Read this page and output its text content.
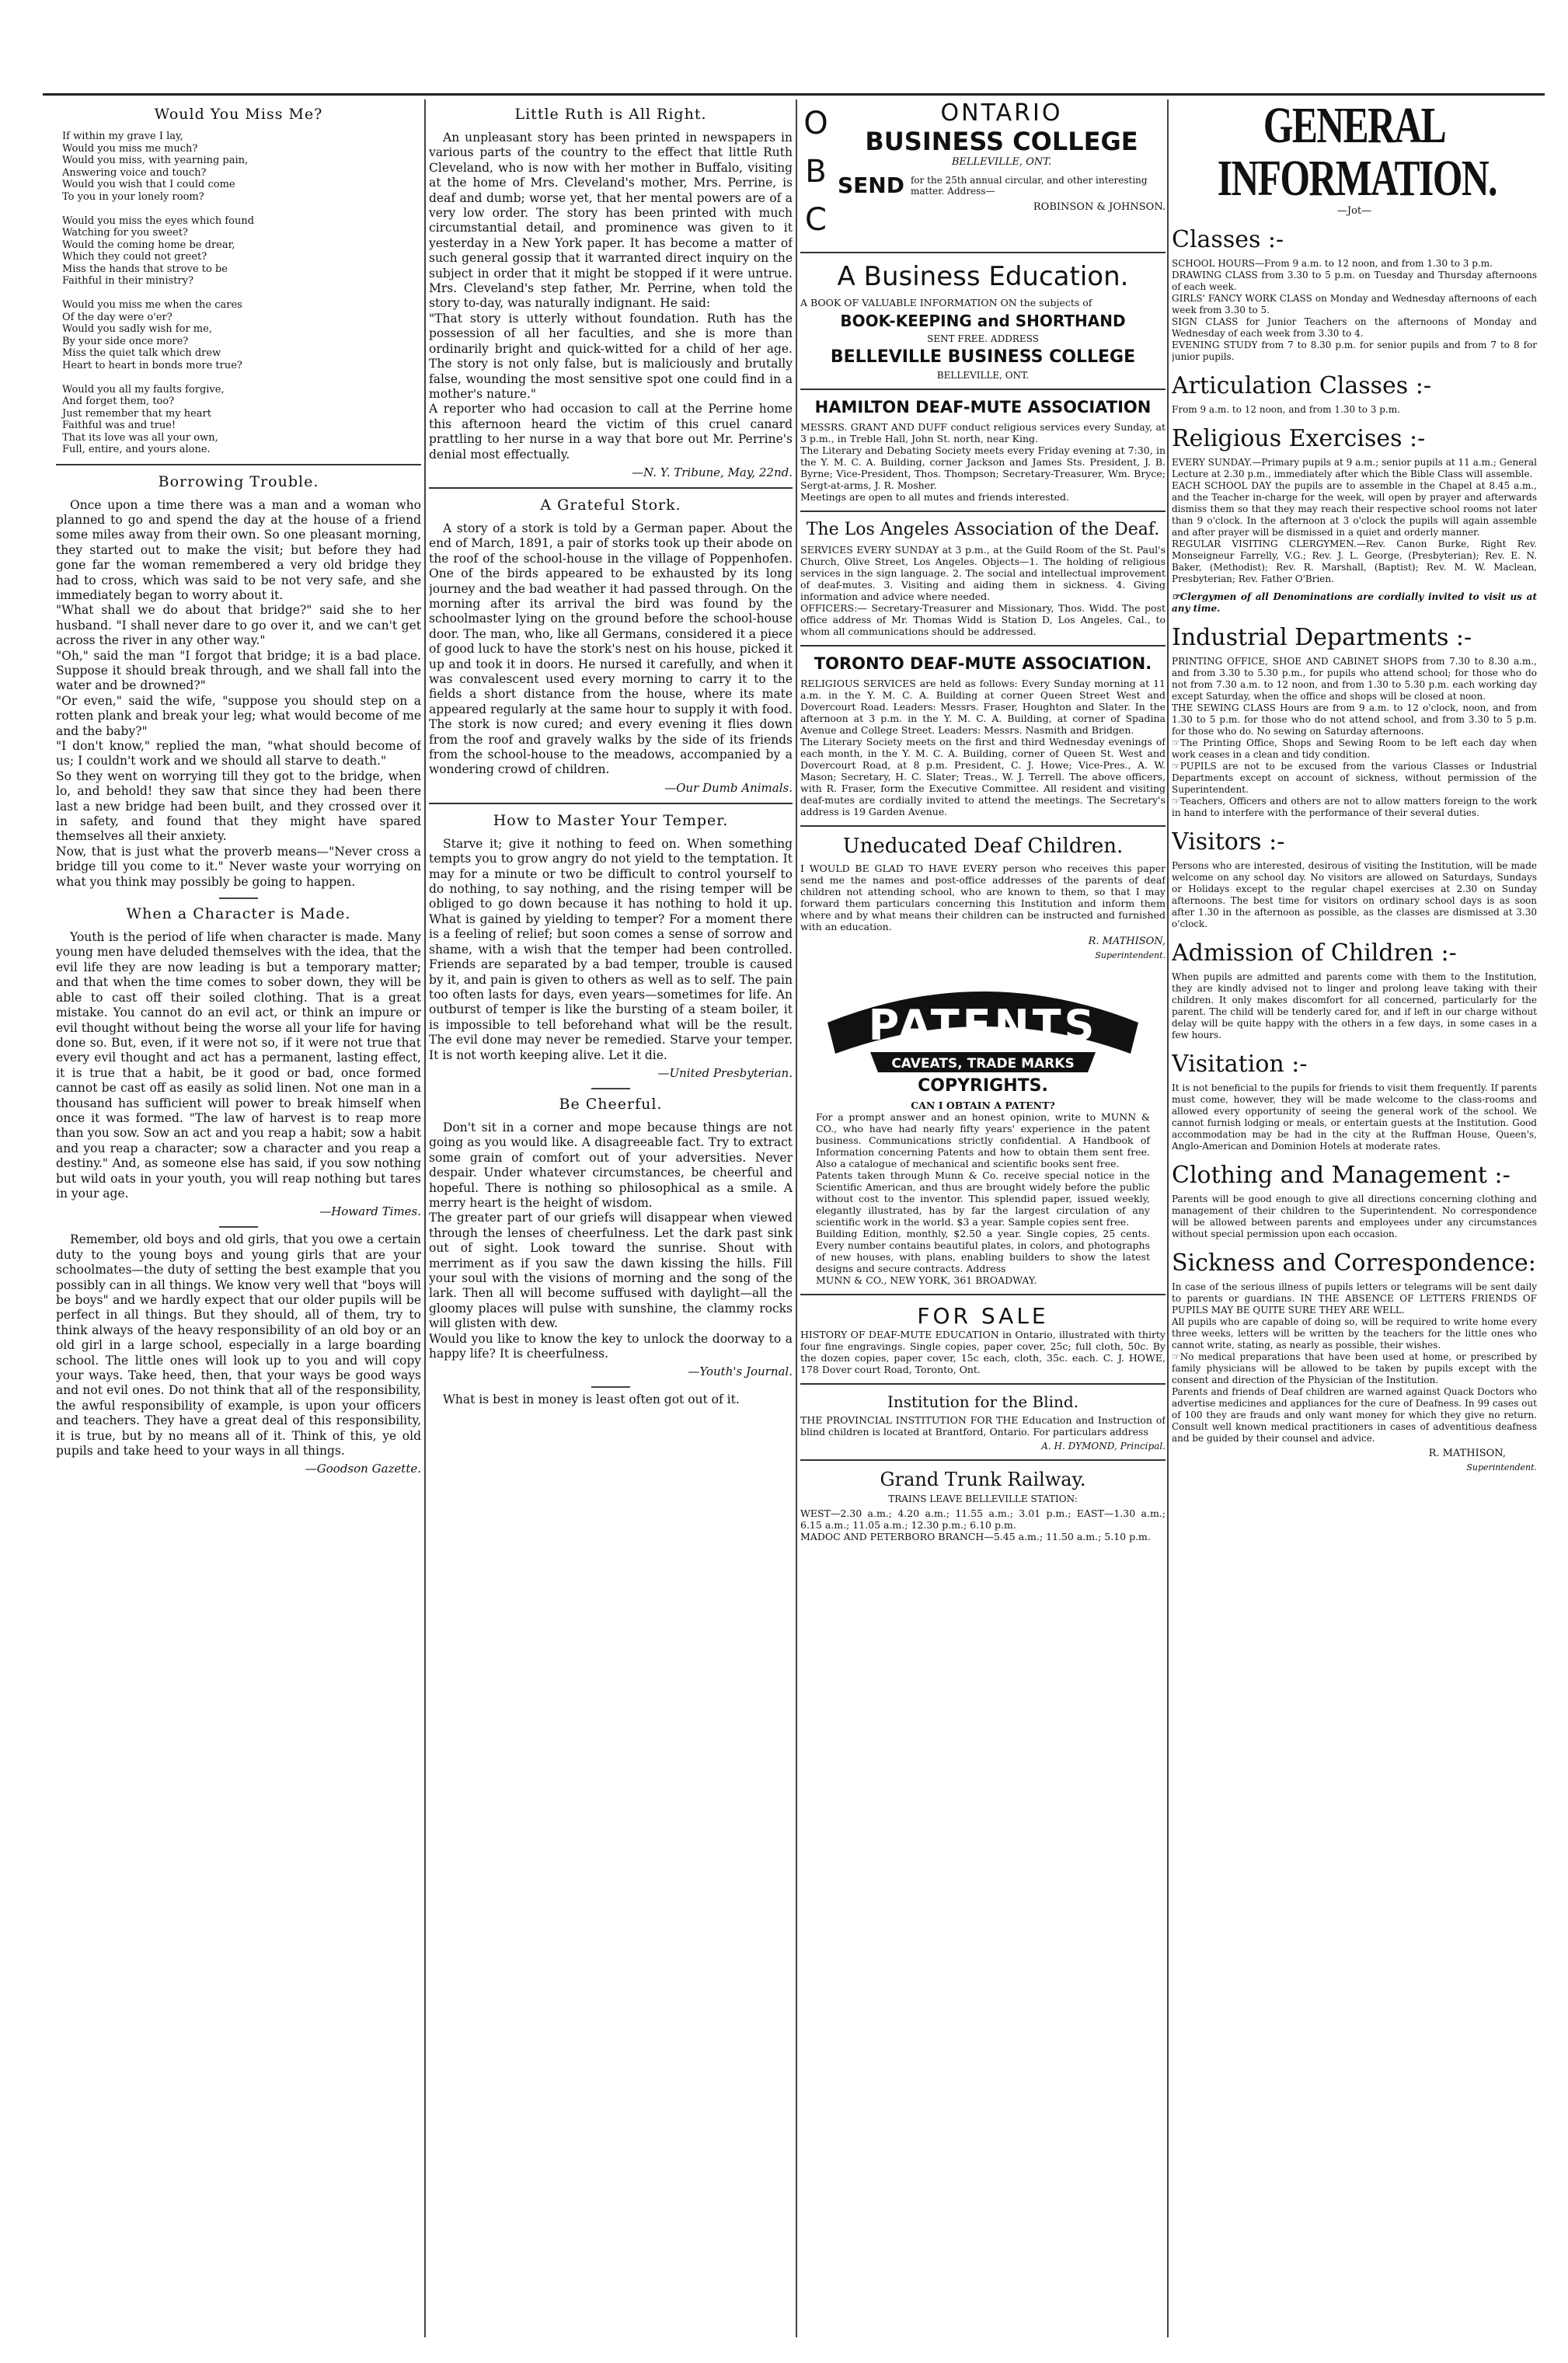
Would You Miss Me?
If within my grave I lay,
Would you miss me much?
Would you miss, with yearning pain,
Answering voice and touch?
Would you wish that I could come
To you in your lonely room?

Would you miss the eyes which found
Watching for you sweet?
Would the coming home be drear,
Which they could not greet?
Miss the hands that strove to be
Faithful in their ministry?

Would you miss me when the cares
Of the day were o'er?
Would you sadly wish for me,
By your side once more?
Miss the quiet talk which drew
Heart to heart in bonds more true?

Would you all my faults forgive,
And forget them, too?
Just remember that my heart
Faithful was and true!
That its love was all your own,
Full, entire, and yours alone.
Borrowing Trouble.
Once upon a time there was a man and a woman who planned to go and spend the day at the house of a friend some miles away from their own. So one pleasant morning, they started out to make the visit; but before they had gone far the woman remembered a very old bridge they had to cross, which was said to be not very safe, and she immediately began to worry about it.
"What shall we do about that bridge?" said she to her husband. "I shall never dare to go over it, and we can't get across the river in any other way."
"Oh," said the man "I forgot that bridge; it is a bad place. Suppose it should break through, and we shall fall into the water and be drowned?"
"Or even," said the wife, "suppose you should step on a rotten plank and break your leg; what would become of me and the baby?"
"I don't know," replied the man, "what should become of us; I couldn't work and we should all starve to death."
So they went on worrying till they got to the bridge, when lo, and behold! they saw that since they had been there last a new bridge had been built, and they crossed over it in safety, and found that they might have spared themselves all their anxiety.
Now, that is just what the proverb means—"Never cross a bridge till you come to it." Never waste your worrying on what you think may possibly be going to happen.
When a Character is Made.
Youth is the period of life when character is made. Many young men have deluded themselves with the idea, that the evil life they are now leading is but a temporary matter; and that when the time comes to sober down, they will be able to cast off their soiled clothing. That is a great mistake. You cannot do an evil act, or think an impure or evil thought without being the worse all your life for having done so. But, even, if it were not so, if it were not true that every evil thought and act has a permanent, lasting effect, it is true that a habit, be it good or bad, once formed cannot be cast off as easily as solid linen. Not one man in a thousand has sufficient will power to break himself when once it was formed. "The law of harvest is to reap more than you sow. Sow an act and you reap a habit; sow a habit and you reap a character; sow a character and you reap a destiny." And, as someone else has said, if you sow nothing but wild oats in your youth, you will reap nothing but tares in your age.
—Howard Times.
Remember, old boys and old girls, that you owe a certain duty to the young boys and young girls that are your schoolmates—the duty of setting the best example that you possibly can in all things. We know very well that "boys will be boys" and we hardly expect that our older pupils will be perfect in all things. But they should, all of them, try to think always of the heavy responsibility of an old boy or an old girl in a large school, especially in a large boarding school. The little ones will look up to you and will copy your ways. Take heed, then, that your ways be good ways and not evil ones. Do not think that all of the responsibility, the awful responsibility of example, is upon your officers and teachers. They have a great deal of this responsibility, it is true, but by no means all of it. Think of this, ye old pupils and take heed to your ways in all things.
—Goodson Gazette.
Little Ruth is All Right.
An unpleasant story has been printed in newspapers in various parts of the country to the effect that little Ruth Cleveland, who is now with her mother in Buffalo, visiting at the home of Mrs. Cleveland's mother, Mrs. Perrine, is deaf and dumb; worse yet, that her mental powers are of a very low order. The story has been printed with much circumstantial detail, and prominence was given to it yesterday in a New York paper. It has become a matter of such general gossip that it warranted direct inquiry on the subject in order that it might be stopped if it were untrue. Mrs. Cleveland's step father, Mr. Perrine, when told the story to-day, was naturally indignant. He said:
"That story is utterly without foundation. Ruth has the possession of all her faculties, and she is more than ordinarily bright and quick-witted for a child of her age. The story is not only false, but is maliciously and brutally false, wounding the most sensitive spot one could find in a mother's nature."
A reporter who had occasion to call at the Perrine home this afternoon heard the victim of this cruel canard prattling to her nurse in a way that bore out Mr. Perrine's denial most effectually.
—N. Y. Tribune, May, 22nd.
A Grateful Stork.
A story of a stork is told by a German paper. About the end of March, 1891, a pair of storks took up their abode on the roof of the school-house in the village of Poppenhofen. One of the birds appeared to be exhausted by its long journey and the bad weather it had passed through. On the morning after its arrival the bird was found by the schoolmaster lying on the ground before the school-house door. The man, who, like all Germans, considered it a piece of good luck to have the stork's nest on his house, picked it up and took it in doors. He nursed it carefully, and when it was convalescent used every morning to carry it to the fields a short distance from the house, where its mate appeared regularly at the same hour to supply it with food. The stork is now cured; and every evening it flies down from the roof and gravely walks by the side of its friends from the school-house to the meadows, accompanied by a wondering crowd of children.
—Our Dumb Animals.
How to Master Your Temper.
Starve it; give it nothing to feed on. When something tempts you to grow angry do not yield to the temptation. It may for a minute or two be difficult to control yourself to do nothing, to say nothing, and the rising temper will be obliged to go down because it has nothing to hold it up. What is gained by yielding to temper? For a moment there is a feeling of relief; but soon comes a sense of sorrow and shame, with a wish that the temper had been controlled. Friends are separated by a bad temper, trouble is caused by it, and pain is given to others as well as to self. The pain too often lasts for days, even years—sometimes for life. An outburst of temper is like the bursting of a steam boiler, it is impossible to tell beforehand what will be the result. The evil done may never be remedied. Starve your temper. It is not worth keeping alive. Let it die.
—United Presbyterian.
Be Cheerful.
Don't sit in a corner and mope because things are not going as you would like. A disagreeable fact. Try to extract some grain of comfort out of your adversities. Never despair. Under whatever circumstances, be cheerful and hopeful. There is nothing so philosophical as a smile. A merry heart is the height of wisdom.
The greater part of our griefs will disappear when viewed through the lenses of cheerfulness. Let the dark past sink out of sight. Look toward the sunrise. Shout with merriment as if you saw the dawn kissing the hills. Fill your soul with the visions of morning and the song of the lark. Then all will become suffused with daylight—all the gloomy places will pulse with sunshine, the clammy rocks will glisten with dew.
Would you like to know the key to unlock the doorway to a happy life? It is cheerfulness.
—Youth's Journal.
What is best in money is least often got out of it.
O
B
C
ONTARIO
BUSINESS COLLEGE
BELLEVILLE, ONT.
SEND for the 25th annual circular, and other interesting matter. Address—
ROBINSON & JOHNSON.
A Business Education.
A BOOK OF VALUABLE INFORMATION ON the subjects of
BOOK-KEEPING and SHORTHAND
SENT FREE. ADDRESS
BELLEVILLE BUSINESS COLLEGE
BELLEVILLE, ONT.
HAMILTON DEAF-MUTE ASSOCIATION
MESSRS. GRANT AND DUFF conduct religious services every Sunday, at 3 p.m., in Treble Hall, John St. north, near King.
The Literary and Debating Society meets every Friday evening at 7:30, in the Y. M. C. A. Building, corner Jackson and James Sts. President, J. B. Byrne; Vice-President, Thos. Thompson; Secretary-Treasurer, Wm. Bryce; Sergt-at-arms, J. R. Mosher.
Meetings are open to all mutes and friends interested.
The Los Angeles Association of the Deaf.
SERVICES EVERY SUNDAY at 3 p.m., at the Guild Room of the St. Paul's Church, Olive Street, Los Angeles. Objects—1. The holding of religious services in the sign language. 2. The social and intellectual improvement of deaf-mutes. 3. Visiting and aiding them in sickness. 4. Giving information and advice where needed.
OFFICERS:— Secretary-Treasurer and Missionary, Thos. Widd. The post office address of Mr. Thomas Widd is Station D, Los Angeles, Cal., to whom all communications should be addressed.
TORONTO DEAF-MUTE ASSOCIATION.
RELIGIOUS SERVICES are held as follows: Every Sunday morning at 11 a.m. in the Y. M. C. A. Building at corner Queen Street West and Dovercourt Road. Leaders: Messrs. Fraser, Houghton and Slater. In the afternoon at 3 p.m. in the Y. M. C. A. Building, at corner of Spadina Avenue and College Street. Leaders: Messrs. Nasmith and Bridgen.
The Literary Society meets on the first and third Wednesday evenings of each month, in the Y. M. C. A. Building, corner of Queen St. West and Dovercourt Road, at 8 p.m. President, C. J. Howe; Vice-Pres., A. W. Mason; Secretary, H. C. Slater; Treas., W. J. Terrell. The above officers, with R. Fraser, form the Executive Committee. All resident and visiting deaf-mutes are cordially invited to attend the meetings. The Secretary's address is 19 Garden Avenue.
Uneducated Deaf Children.
I WOULD BE GLAD TO HAVE EVERY person who receives this paper send me the names and post-office addresses of the parents of deaf children not attending school, who are known to them, so that I may forward them particulars concerning this Institution and inform them where and by what means their children can be instructed and furnished with an education.
R. MATHISON,
Superintendent.
PATENTS
CAVEATS, TRADE MARKS
COPYRIGHTS.
CAN I OBTAIN A PATENT?
For a prompt answer and an honest opinion, write to MUNN & CO., who have had nearly fifty years' experience in the patent business. Communications strictly confidential. A Handbook of Information concerning Patents and how to obtain them sent free. Also a catalogue of mechanical and scientific books sent free.
Patents taken through Munn & Co. receive special notice in the Scientific American, and thus are brought widely before the public without cost to the inventor. This splendid paper, issued weekly, elegantly illustrated, has by far the largest circulation of any scientific work in the world. $3 a year. Sample copies sent free.
Building Edition, monthly, $2.50 a year. Single copies, 25 cents. Every number contains beautiful plates, in colors, and photographs of new houses, with plans, enabling builders to show the latest designs and secure contracts. Address
MUNN & CO., NEW YORK, 361 BROADWAY.
FOR SALE
HISTORY OF DEAF-MUTE EDUCATION in Ontario, illustrated with thirty four fine engravings. Single copies, paper cover, 25c; full cloth, 50c. By the dozen copies, paper cover, 15c each, cloth, 35c. each. C. J. HOWE, 178 Dover court Road, Toronto, Ont.
Institution for the Blind.
THE PROVINCIAL INSTITUTION FOR THE Education and Instruction of blind children is located at Brantford, Ontario. For particulars address
A. H. DYMOND, Principal.
Grand Trunk Railway.
TRAINS LEAVE BELLEVILLE STATION:
WEST—2.30 a.m.; 4.20 a.m.; 11.55 a.m.; 3.01 p.m.; EAST—1.30 a.m.; 6.15 a.m.; 11.05 a.m.; 12.30 p.m.; 6.10 p.m.
MADOC AND PETERBORO BRANCH—5.45 a.m.; 11.50 a.m.; 5.10 p.m.
GENERAL INFORMATION.
—Jot—
Classes :-
SCHOOL HOURS—From 9 a.m. to 12 noon, and from 1.30 to 3 p.m.
DRAWING CLASS from 3.30 to 5 p.m. on Tuesday and Thursday afternoons of each week.
GIRLS' FANCY WORK CLASS on Monday and Wednesday afternoons of each week from 3.30 to 5.
SIGN CLASS for Junior Teachers on the afternoons of Monday and Wednesday of each week from 3.30 to 4.
EVENING STUDY from 7 to 8.30 p.m. for senior pupils and from 7 to 8 for junior pupils.
Articulation Classes :-
From 9 a.m. to 12 noon, and from 1.30 to 3 p.m.
Religious Exercises :-
EVERY SUNDAY.—Primary pupils at 9 a.m.; senior pupils at 11 a.m.; General Lecture at 2.30 p.m., immediately after which the Bible Class will assemble.
EACH SCHOOL DAY the pupils are to assemble in the Chapel at 8.45 a.m., and the Teacher in-charge for the week, will open by prayer and afterwards dismiss them so that they may reach their respective school rooms not later than 9 o'clock. In the afternoon at 3 o'clock the pupils will again assemble and after prayer will be dismissed in a quiet and orderly manner.
REGULAR VISITING CLERGYMEN.—Rev. Canon Burke, Right Rev. Monseigneur Farrelly, V.G.; Rev. J. L. George, (Presbyterian); Rev. E. N. Baker, (Methodist); Rev. R. Marshall, (Baptist); Rev. M. W. Maclean, Presbyterian; Rev. Father O'Brien.
☞Clergymen of all Denominations are cordially invited to visit us at any time.
Industrial Departments :-
PRINTING OFFICE, SHOE AND CABINET SHOPS from 7.30 to 8.30 a.m., and from 3.30 to 5.30 p.m., for pupils who attend school; for those who do not from 7.30 a.m. to 12 noon, and from 1.30 to 5.30 p.m. each working day except Saturday, when the office and shops will be closed at noon.
THE SEWING CLASS Hours are from 9 a.m. to 12 o'clock, noon, and from 1.30 to 5 p.m. for those who do not attend school, and from 3.30 to 5 p.m. for those who do. No sewing on Saturday afternoons.
☞The Printing Office, Shops and Sewing Room to be left each day when work ceases in a clean and tidy condition.
☞PUPILS are not to be excused from the various Classes or Industrial Departments except on account of sickness, without permission of the Superintendent.
☞Teachers, Officers and others are not to allow matters foreign to the work in hand to interfere with the performance of their several duties.
Visitors :-
Persons who are interested, desirous of visiting the Institution, will be made welcome on any school day. No visitors are allowed on Saturdays, Sundays or Holidays except to the regular chapel exercises at 2.30 on Sunday afternoons. The best time for visitors on ordinary school days is as soon after 1.30 in the afternoon as possible, as the classes are dismissed at 3.30 o'clock.
Admission of Children :-
When pupils are admitted and parents come with them to the Institution, they are kindly advised not to linger and prolong leave taking with their children. It only makes discomfort for all concerned, particularly for the parent. The child will be tenderly cared for, and if left in our charge without delay will be quite happy with the others in a few days, in some cases in a few hours.
Visitation :-
It is not beneficial to the pupils for friends to visit them frequently. If parents must come, however, they will be made welcome to the class-rooms and allowed every opportunity of seeing the general work of the school. We cannot furnish lodging or meals, or entertain guests at the Institution. Good accommodation may be had in the city at the Ruffman House, Queen's, Anglo-American and Dominion Hotels at moderate rates.
Clothing and Management :-
Parents will be good enough to give all directions concerning clothing and management of their children to the Superintendent. No correspondence will be allowed between parents and employees under any circumstances without special permission upon each occasion.
Sickness and Correspondence:
In case of the serious illness of pupils letters or telegrams will be sent daily to parents or guardians. IN THE ABSENCE OF LETTERS FRIENDS OF PUPILS MAY BE QUITE SURE THEY ARE WELL.
All pupils who are capable of doing so, will be required to write home every three weeks, letters will be written by the teachers for the little ones who cannot write, stating, as nearly as possible, their wishes.
☞No medical preparations that have been used at home, or prescribed by family physicians will be allowed to be taken by pupils except with the consent and direction of the Physician of the Institution.
Parents and friends of Deaf children are warned against Quack Doctors who advertise medicines and appliances for the cure of Deafness. In 99 cases out of 100 they are frauds and only want money for which they give no return. Consult well known medical practitioners in cases of adventitious deafness and be guided by their counsel and advice.
R. MATHISON,
Superintendent.
